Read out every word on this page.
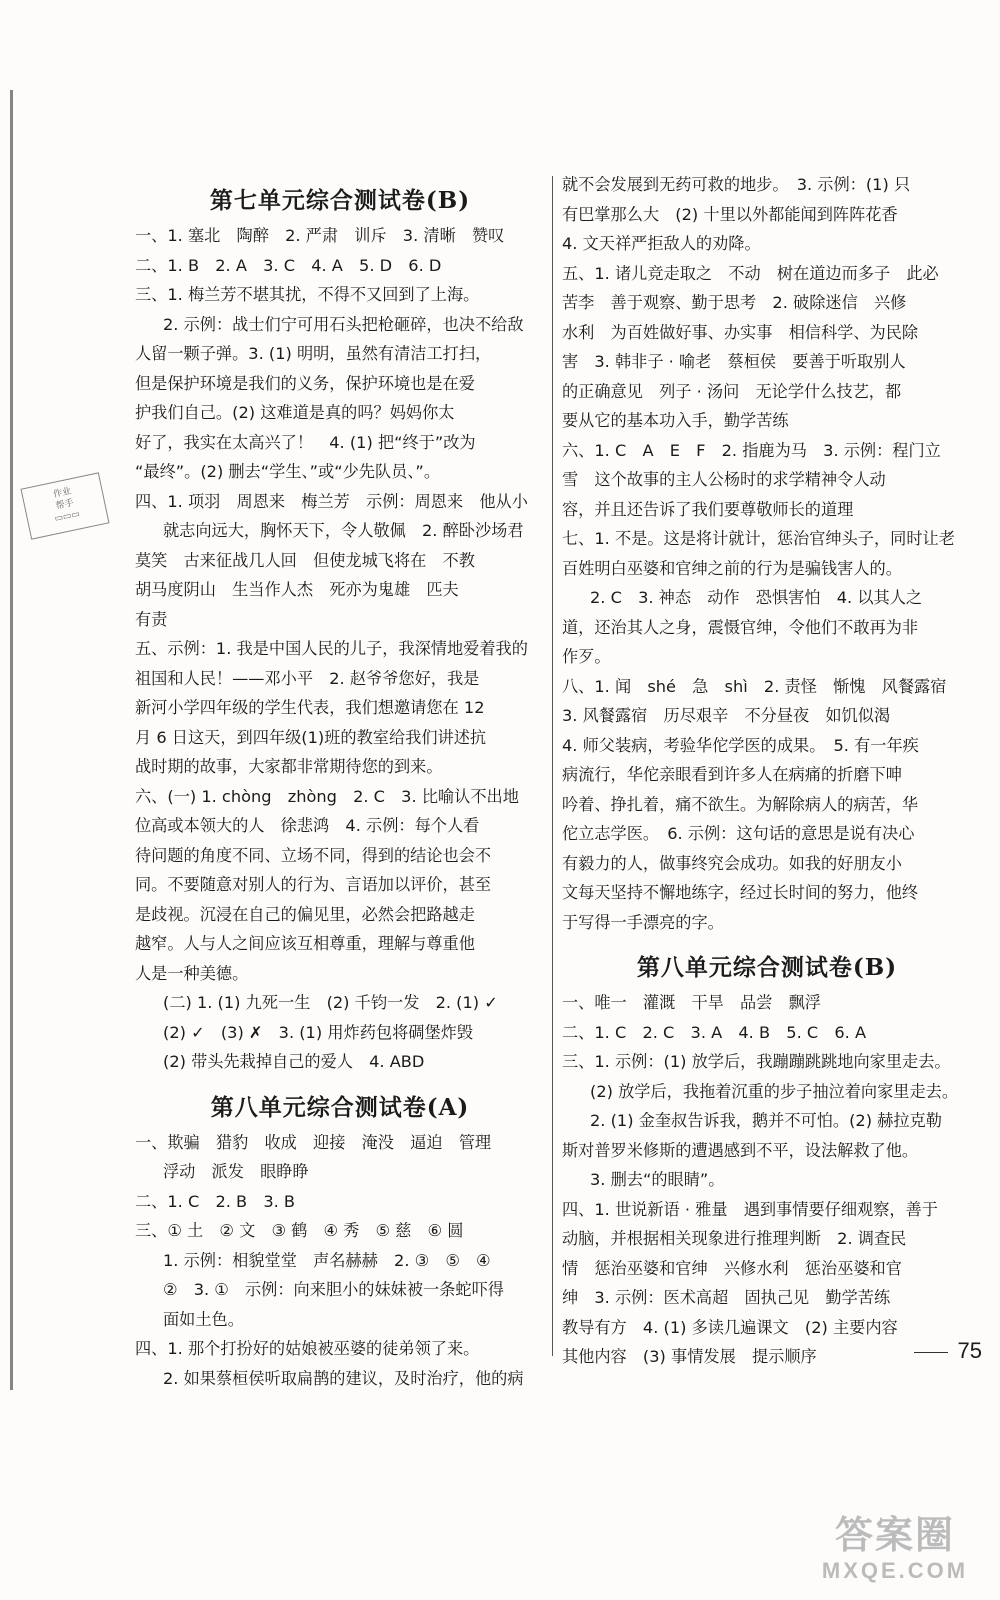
作业
帮手
▭▭▭
第七单元综合测试卷(B)
一、1. 塞北　陶醉　2. 严肃　训斥　3. 清晰　赞叹
二、1. B　2. A　3. C　4. A　5. D　6. D
三、1. 梅兰芳不堪其扰，不得不又回到了上海。
2. 示例：战士们宁可用石头把枪砸碎，也决不给敌
人留一颗子弹。3. (1) 明明，虽然有清洁工打扫，
但是保护环境是我们的义务，保护环境也是在爱
护我们自己。(2) 这难道是真的吗？妈妈你太
好了，我实在太高兴了！　4. (1) 把“终于”改为
“最终”。(2) 删去“学生、”或“少先队员、”。
四、1. 项羽　周恩来　梅兰芳　示例：周恩来　他从小
就志向远大，胸怀天下，令人敬佩　2. 醉卧沙场君
莫笑　古来征战几人回　但使龙城飞将在　不教
胡马度阴山　生当作人杰　死亦为鬼雄　匹夫
有责
五、示例：1. 我是中国人民的儿子，我深情地爱着我的
祖国和人民！——邓小平　2. 赵爷爷您好，我是
新河小学四年级的学生代表，我们想邀请您在 12
月 6 日这天，到四年级(1)班的教室给我们讲述抗
战时期的故事，大家都非常期待您的到来。
六、(一) 1. chòng　zhòng　2. C　3. 比喻认不出地
位高或本领大的人　徐悲鸿　4. 示例：每个人看
待问题的角度不同、立场不同，得到的结论也会不
同。不要随意对别人的行为、言语加以评价，甚至
是歧视。沉浸在自己的偏见里，必然会把路越走
越窄。人与人之间应该互相尊重，理解与尊重他
人是一种美德。
(二) 1. (1) 九死一生　(2) 千钧一发　2. (1) ✓
(2) ✓　(3) ✗　3. (1) 用炸药包将碉堡炸毁
(2) 带头先栽掉自己的爱人　4. ABD
第八单元综合测试卷(A)
一、欺骗　猎豹　收成　迎接　淹没　逼迫　管理
浮动　派发　眼睁睁
二、1. C　2. B　3. B
三、① 土　② 文　③ 鹤　④ 秀　⑤ 慈　⑥ 圆
1. 示例：相貌堂堂　声名赫赫　2. ③　⑤　④
②　3. ①　示例：向来胆小的妹妹被一条蛇吓得
面如土色。
四、1. 那个打扮好的姑娘被巫婆的徒弟领了来。
2. 如果蔡桓侯听取扁鹊的建议，及时治疗，他的病
就不会发展到无药可救的地步。　3. 示例：(1) 只
有巴掌那么大　(2) 十里以外都能闻到阵阵花香
4. 文天祥严拒敌人的劝降。
五、1. 诸儿竞走取之　不动　树在道边而多子　此必
苦李　善于观察、勤于思考　2. 破除迷信　兴修
水利　为百姓做好事、办实事　相信科学、为民除
害　3. 韩非子 · 喻老　蔡桓侯　要善于听取别人
的正确意见　列子 · 汤问　无论学什么技艺，都
要从它的基本功入手，勤学苦练
六、1. C　A　E　F　2. 指鹿为马　3. 示例：程门立
雪　这个故事的主人公杨时的求学精神令人动
容，并且还告诉了我们要尊敬师长的道理
七、1. 不是。这是将计就计，惩治官绅头子，同时让老
百姓明白巫婆和官绅之前的行为是骗钱害人的。
2. C　3. 神态　动作　恐惧害怕　4. 以其人之
道，还治其人之身，震慑官绅，令他们不敢再为非
作歹。
八、1. 闻　shé　急　shì　2. 责怪　惭愧　风餐露宿
3. 风餐露宿　历尽艰辛　不分昼夜　如饥似渴
4. 师父装病，考验华佗学医的成果。　5. 有一年疾
病流行，华佗亲眼看到许多人在病痛的折磨下呻
吟着、挣扎着，痛不欲生。为解除病人的病苦，华
佗立志学医。　6. 示例：这句话的意思是说有决心
有毅力的人，做事终究会成功。如我的好朋友小
文每天坚持不懈地练字，经过长时间的努力，他终
于写得一手漂亮的字。
第八单元综合测试卷(B)
一、唯一　灌溉　干旱　品尝　飘浮
二、1. C　2. C　3. A　4. B　5. C　6. A
三、1. 示例：(1) 放学后，我蹦蹦跳跳地向家里走去。
(2) 放学后，我拖着沉重的步子抽泣着向家里走去。
2. (1) 金奎叔告诉我，鹅并不可怕。(2) 赫拉克勒
斯对普罗米修斯的遭遇感到不平，设法解救了他。
3. 删去“的眼睛”。
四、1. 世说新语 · 雅量　遇到事情要仔细观察，善于
动脑，并根据相关现象进行推理判断　2. 调查民
情　惩治巫婆和官绅　兴修水利　惩治巫婆和官
绅　3. 示例：医术高超　固执己见　勤学苦练
教导有方　4. (1) 多读几遍课文　(2) 主要内容
其他内容　(3) 事情发展　提示顺序	75
答案圈
MXQE.COM
